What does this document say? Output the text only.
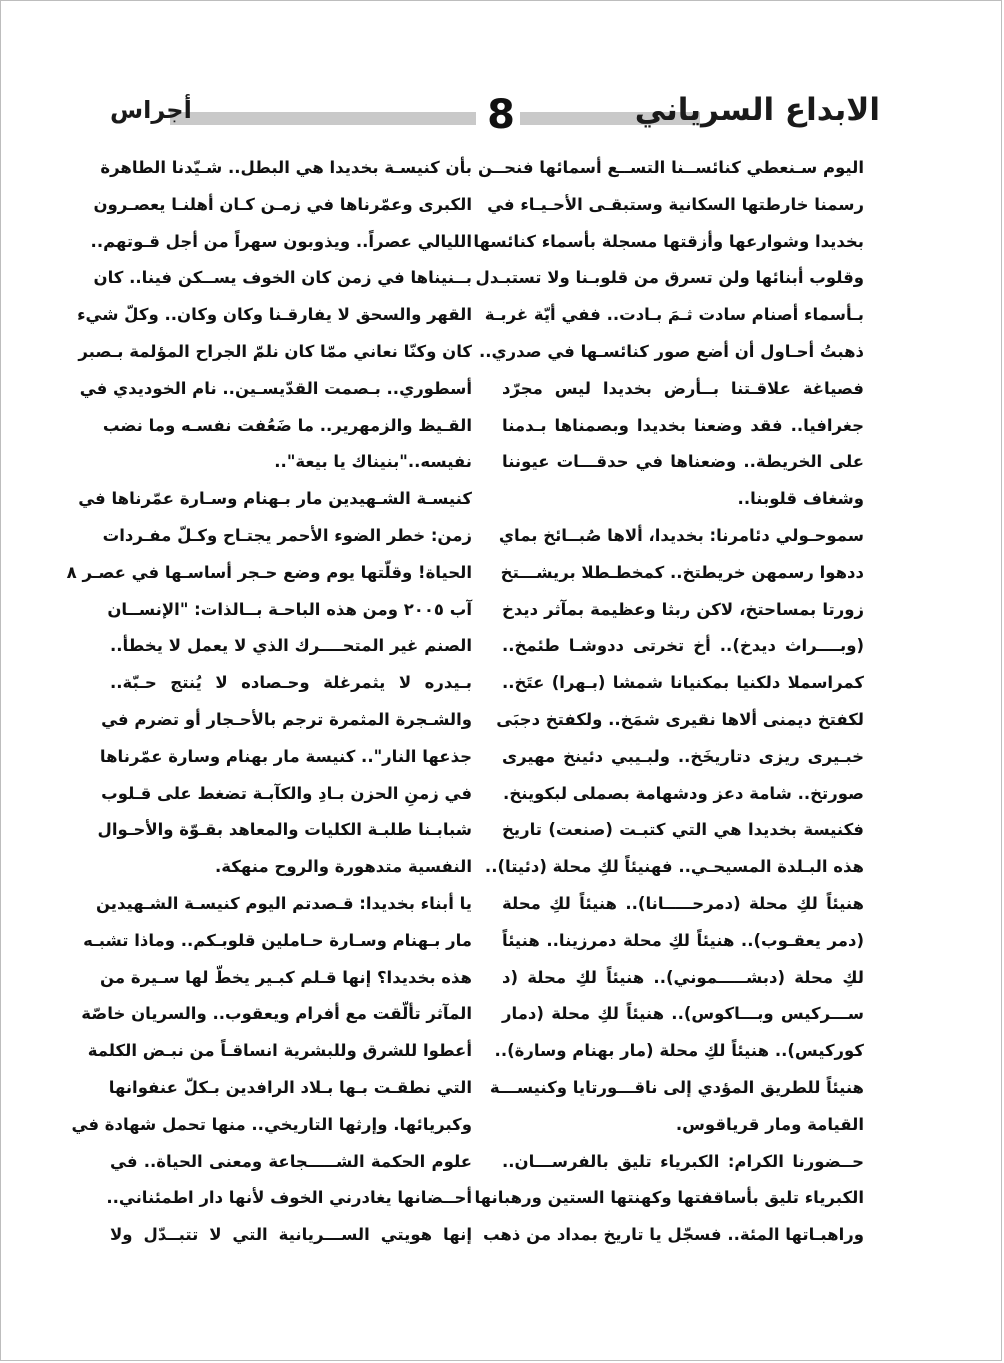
الابداع السرياني
8
أجراس
اليوم سـنعطي كنائســنا التســع أسمائها فنحــن
رسمنا خارطتها السكانية وستبقـى الأحـيـاء في
بخديدا وشوارعها وأزقتها مسجلة بأسماء كنائسها
وقلوب أبنائها ولن تسرق من قلوبـنا ولا تستبـدل
بـأسماء أصنام سادت ثـمَ بـادت.. ففي أيّة غربـة
ذهبتُ أحـاول أن أضع صور كنائسـها في صدري..
فصياغة علاقـتنا بــأرض بخديدا ليس مجرّد
جغرافيا.. فقد وضعنا بخديدا وبصمناها بـدمنا
على الخريطة.. وضعناها في حدقـــات عيوننا
وشغاف قلوبنا..
سموحـولي دئامرنا: بخديدا، ألاها صُبــائخ بماي
ددهوا رسمهن خريطتخ.. كمخطـطلا بريشـــتخ
زورتا بمساحتخ، لاكن ربثا وعظيمة بمآثر ديدخ
(وبــــراث ديدخ).. أخ تخرتى ددوشـا طئمخ..
كمراسملا دلكنيا بمكنيانا شمشا (بـهرا) عتَخ..
لكفتخ ديمنى ألاها نقيرى شمَخ.. ولكفتخ دجبَى
خبـيرى ريزى دتاريخَخ.. ولبـيبي دئينخ مهيرى
صورتخ.. شامة دعز ودشهامة بصملى لبكوينخ.
فكنيسة بخديدا هي التي كتبـت (صنعت) تاريخ
هذه البـلدة المسيحـي.. فهنيئاً لكِ محلة (دئيتا)..
هنيئاً لكِ محلة (دمرحـــــانا).. هنيئاً لكِ محلة
(دمر يعقـوب).. هنيئاً لكِ محلة دمرزينا.. هنيئاً
لكِ محلة (دبشـــــموني).. هنيئاً لكِ محلة (د
ســـركيس وبـــاكوس).. هنيئاً لكِ محلة (دمار
كوركيس).. هنيئاً لكِ محلة (مار بهنام وسارة)..
هنيئاً للطريق المؤدي إلى ناقـــورتايا وكنيســـة
القيامة ومار قرياقوس.
حــضورنا الكرام: الكبرياء تليق بالفرســـان..
الكبرياء تليق بأساقفتها وكهنتها الستين ورهبانها
وراهبـاتها المئة.. فسجّل يا تاريخ بمداد من ذهب
بأن كنيسـة بخديدا هي البطل.. شـيّدنا الطاهرة
الكبرى وعمّرناها في زمـن كـان أهلنـا يعصـرون
الليالي عصراً.. ويذوبون سهراً من أجل قـوتهم..
بــنيناها في زمن كان الخوف يســكن فينا.. كان
القهر والسحق لا يفارقـنا وكان وكان.. وكلّ شيء
كان وكنّا نعاني ممّا كان نلمّ الجراح المؤلمة بـصبر
أسطوري.. بـصمت القدّيسـين.. نام الخوديدي في
القـيظ والزمهرير.. ما ضَعُفت نفسـه وما نضب
نفيسه.."بنيناك يا بيعة"..
كنيسـة الشـهيدين مار بـهنام وسـارة عمّرناها في
زمن: خطر الضوء الأحمر يجتـاح وكـلّ مفـردات
الحياة! وقلّتها يوم وضع حـجر أساسـها في عصـر ٨
آب ٢٠٠٥ ومن هذه الباحـة بــالذات: "الإنســان
الصنم غير المتحــــرك الذي لا يعمل لا يخطأ..
بـيدره لا يثمرغلة وحـصاده لا يُنتج حـبّة..
والشـجرة المثمرة ترجم بالأحـجار أو تضرم في
جذعها النار".. كنيسة مار بهنام وسارة عمّرناها
في زمنِ الحزن بـادِ والكآبـة تضغط على قـلوب
شبابـنا طلبـة الكليات والمعاهد بقـوّة والأحـوال
النفسية متدهورة والروح منهكة.
يا أبناء بخديدا: قـصدتم اليوم كنيسـة الشـهيدين
مار بـهنام وسـارة حـاملين قلوبـكم.. وماذا تشبـه
هذه بخديدا؟ إنها قـلم كبـير يخطّ لها سـيرة من
المآثر تألّقت مع أفرام ويعقوب.. والسريان خاصّة
أعطوا للشرق وللبشرية انساقـاً من نبـض الكلمة
التي نطقـت بـها بـلاد الرافدين بـكلّ عنفوانها
وكبريائها. وإرثها التاريخي.. منها تحمل شهادة في
علوم الحكمة الشـــــجاعة ومعنى الحياة.. في
أحــضانها يغادرني الخوف لأنها دار اطمئناني..
إنها هويتي الســـريانية التي لا تتبــدّل ولا
